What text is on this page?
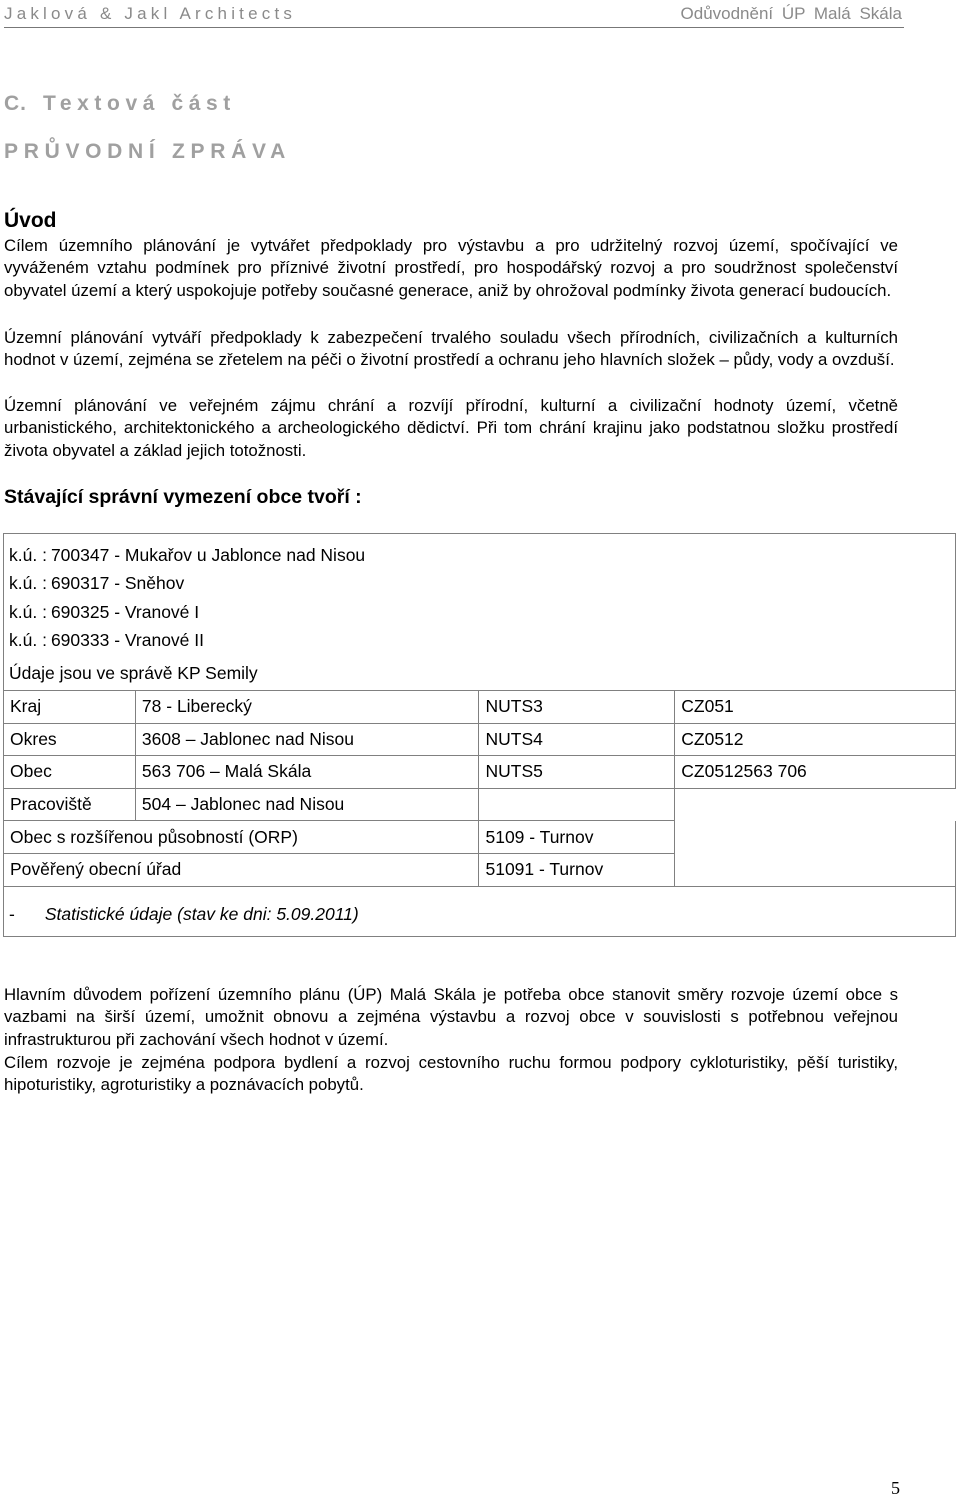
Jaklová & Jakl Architects	Odůvodnění ÚP Malá Skála
C. Textová část
PRŮVODNÍ ZPRÁVA
Úvod

Cílem územního plánování je vytvářet předpoklady pro výstavbu a pro udržitelný rozvoj území, spočívající ve vyváženém vztahu podmínek pro příznivé životní prostředí, pro hospodářský rozvoj a pro soudržnost společenství obyvatel území a který uspokojuje potřeby současné generace, aniž by ohrožoval podmínky života generací budoucích.

Územní plánování vytváří předpoklady k zabezpečení trvalého souladu všech přírodních, civilizačních a kulturních hodnot v území, zejména se zřetelem na péči o životní prostředí a ochranu jeho hlavních složek – půdy, vody a ovzduší.

Územní plánování ve veřejném zájmu chrání a rozvíjí přírodní, kulturní a civilizační hodnoty území, včetně urbanistického, architektonického a archeologického dědictví. Při tom chrání krajinu jako podstatnou složku prostředí života obyvatel a základ jejich totožnosti.

Stávající správní vymezení obce tvoří :
k.ú. : 700347 - Mukařov u Jablonce nad Nisou
k.ú. : 690317 - Sněhov
k.ú. : 690325 - Vranové I
k.ú. : 690333 - Vranové II
Údaje jsou ve správě KP Semily
Kraj	78 - Liberecký	NUTS3	CZ051
Okres	3608 – Jablonec nad Nisou	NUTS4	CZ0512
Obec	563 706 – Malá Skála	NUTS5	CZ0512563 706
Pracoviště	504 – Jablonec nad Nisou		
Obec s rozšířenou působností (ORP)		5109 - Turnov	
Pověřený obecní úřad		51091 - Turnov	
- Statistické údaje (stav ke dni: 5.09.2011)

Hlavním důvodem pořízení územního plánu (ÚP) Malá Skála je potřeba obce stanovit směry rozvoje území obce s vazbami na širší území, umožnit obnovu a zejména výstavbu a rozvoj obce v souvislosti s potřebnou veřejnou infrastrukturou při zachování všech hodnot v území.

Cílem rozvoje je zejména podpora bydlení a rozvoj cestovního ruchu formou podpory cykloturistiky, pěší turistiky, hipoturistiky, agroturistiky a poznávacích pobytů.

5
